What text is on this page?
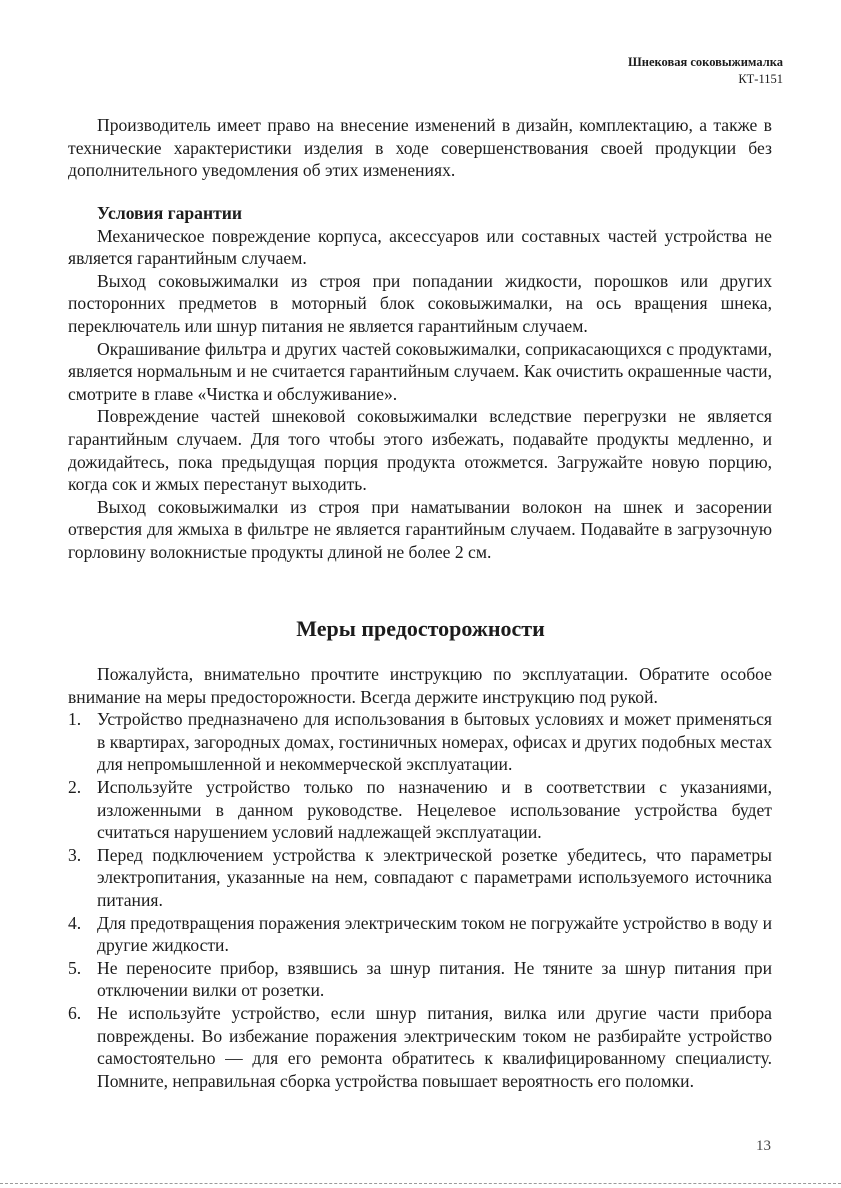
Шнековая соковыжималка
КТ-1151

Производитель имеет право на внесение изменений в дизайн, комплектацию, а также в технические характеристики изделия в ходе совершенствования своей продукции без дополнительного уведомления об этих изменениях.

Условия гарантии

Механическое повреждение корпуса, аксессуаров или составных частей устройства не является гарантийным случаем.

Выход соковыжималки из строя при попадании жидкости, порошков или других посторонних предметов в моторный блок соковыжималки, на ось вращения шнека, переключатель или шнур питания не является гарантийным случаем.

Окрашивание фильтра и других частей соковыжималки, соприкасающихся с продуктами, является нормальным и не считается гарантийным случаем. Как очистить окрашенные части, смотрите в главе «Чистка и обслуживание».

Повреждение частей шнековой соковыжималки вследствие перегрузки не является гарантийным случаем. Для того чтобы этого избежать, подавайте продукты медленно, и дожидайтесь, пока предыдущая порция продукта отожмется. Загружайте новую порцию, когда сок и жмых перестанут выходить.

Выход соковыжималки из строя при наматывании волокон на шнек и засорении отверстия для жмыха в фильтре не является гарантийным случаем. Подавайте в загрузочную горловину волокнистые продукты длиной не более 2 см.

Меры предосторожности

Пожалуйста, внимательно прочтите инструкцию по эксплуатации. Обратите особое внимание на меры предосторожности. Всегда держите инструкцию под рукой.

1. Устройство предназначено для использования в бытовых условиях и может применяться в квартирах, загородных домах, гостиничных номерах, офисах и других подобных местах для непромышленной и некоммерческой эксплуатации.
2. Используйте устройство только по назначению и в соответствии с указаниями, изложенными в данном руководстве. Нецелевое использование устройства будет считаться нарушением условий надлежащей эксплуатации.
3. Перед подключением устройства к электрической розетке убедитесь, что параметры электропитания, указанные на нем, совпадают с параметрами используемого источника питания.
4. Для предотвращения поражения электрическим током не погружайте устройство в воду и другие жидкости.
5. Не переносите прибор, взявшись за шнур питания. Не тяните за шнур питания при отключении вилки от розетки.
6. Не используйте устройство, если шнур питания, вилка или другие части прибора повреждены. Во избежание поражения электрическим током не разбирайте устройство самостоятельно — для его ремонта обратитесь к квалифицированному специалисту. Помните, неправильная сборка устройства повышает вероятность его поломки.
13
